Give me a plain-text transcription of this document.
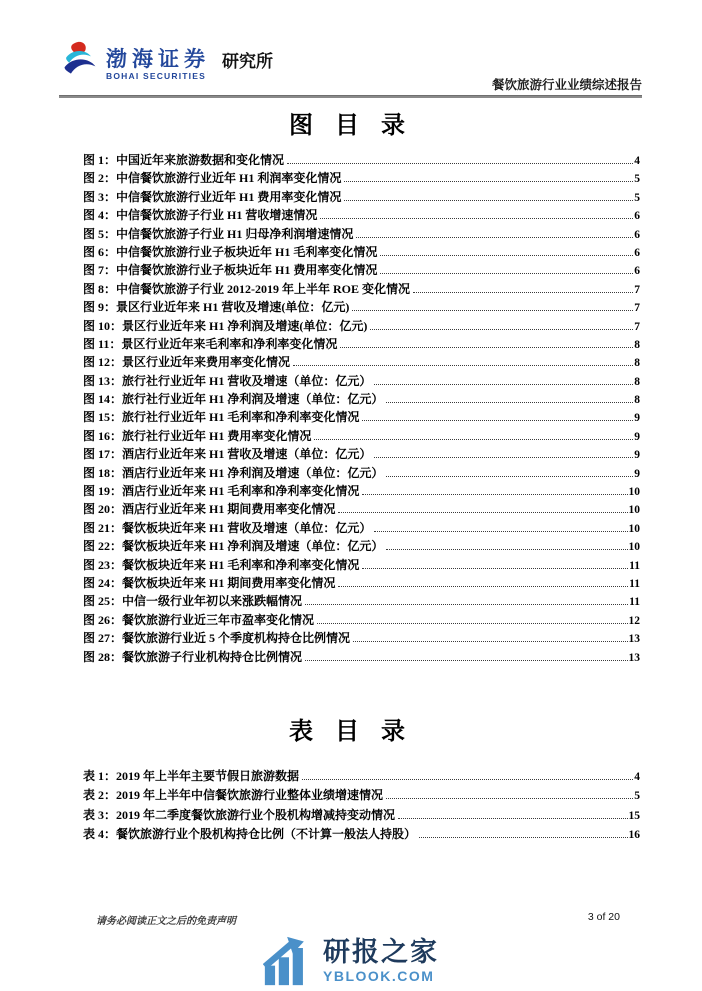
渤海证券
BOHAI SECURITIES
研究所
餐饮旅游行业业绩综述报告
图 目 录
图 1：中国近年来旅游数据和变化情况	4
图 2：中信餐饮旅游行业近年 H1 利润率变化情况	5
图 3：中信餐饮旅游行业近年 H1 费用率变化情况	5
图 4：中信餐饮旅游子行业 H1 营收增速情况	6
图 5：中信餐饮旅游子行业 H1 归母净利润增速情况	6
图 6：中信餐饮旅游行业子板块近年 H1 毛利率变化情况	6
图 7：中信餐饮旅游行业子板块近年 H1 费用率变化情况	6
图 8：中信餐饮旅游子行业 2012-2019 年上半年 ROE 变化情况	7
图 9：景区行业近年来 H1 营收及增速(单位：亿元)	7
图 10：景区行业近年来 H1 净利润及增速(单位：亿元)	7
图 11：景区行业近年来毛利率和净利率变化情况	8
图 12：景区行业近年来费用率变化情况	8
图 13：旅行社行业近年 H1 营收及增速（单位：亿元）	8
图 14：旅行社行业近年 H1 净利润及增速（单位：亿元）	8
图 15：旅行社行业近年 H1 毛利率和净利率变化情况	9
图 16：旅行社行业近年 H1 费用率变化情况	9
图 17：酒店行业近年来 H1 营收及增速（单位：亿元）	9
图 18：酒店行业近年来 H1 净利润及增速（单位：亿元）	9
图 19：酒店行业近年来 H1 毛利率和净利率变化情况	10
图 20：酒店行业近年来 H1 期间费用率变化情况	10
图 21：餐饮板块近年来 H1 营收及增速（单位：亿元）	10
图 22：餐饮板块近年来 H1 净利润及增速（单位：亿元）	10
图 23：餐饮板块近年来 H1 毛利率和净利率变化情况	11
图 24：餐饮板块近年来 H1 期间费用率变化情况	11
图 25：中信一级行业年初以来涨跌幅情况	11
图 26：餐饮旅游行业近三年市盈率变化情况	12
图 27：餐饮旅游行业近 5 个季度机构持仓比例情况	13
图 28：餐饮旅游子行业机构持仓比例情况	13
表 目 录
表 1：2019 年上半年主要节假日旅游数据	4
表 2：2019 年上半年中信餐饮旅游行业整体业绩增速情况	5
表 3：2019 年二季度餐饮旅游行业个股机构增减持变动情况	15
表 4：餐饮旅游行业个股机构持仓比例（不计算一般法人持股）	16
请务必阅读正文之后的免责声明	3 of 20
研报之家
YBLOOK.COM
